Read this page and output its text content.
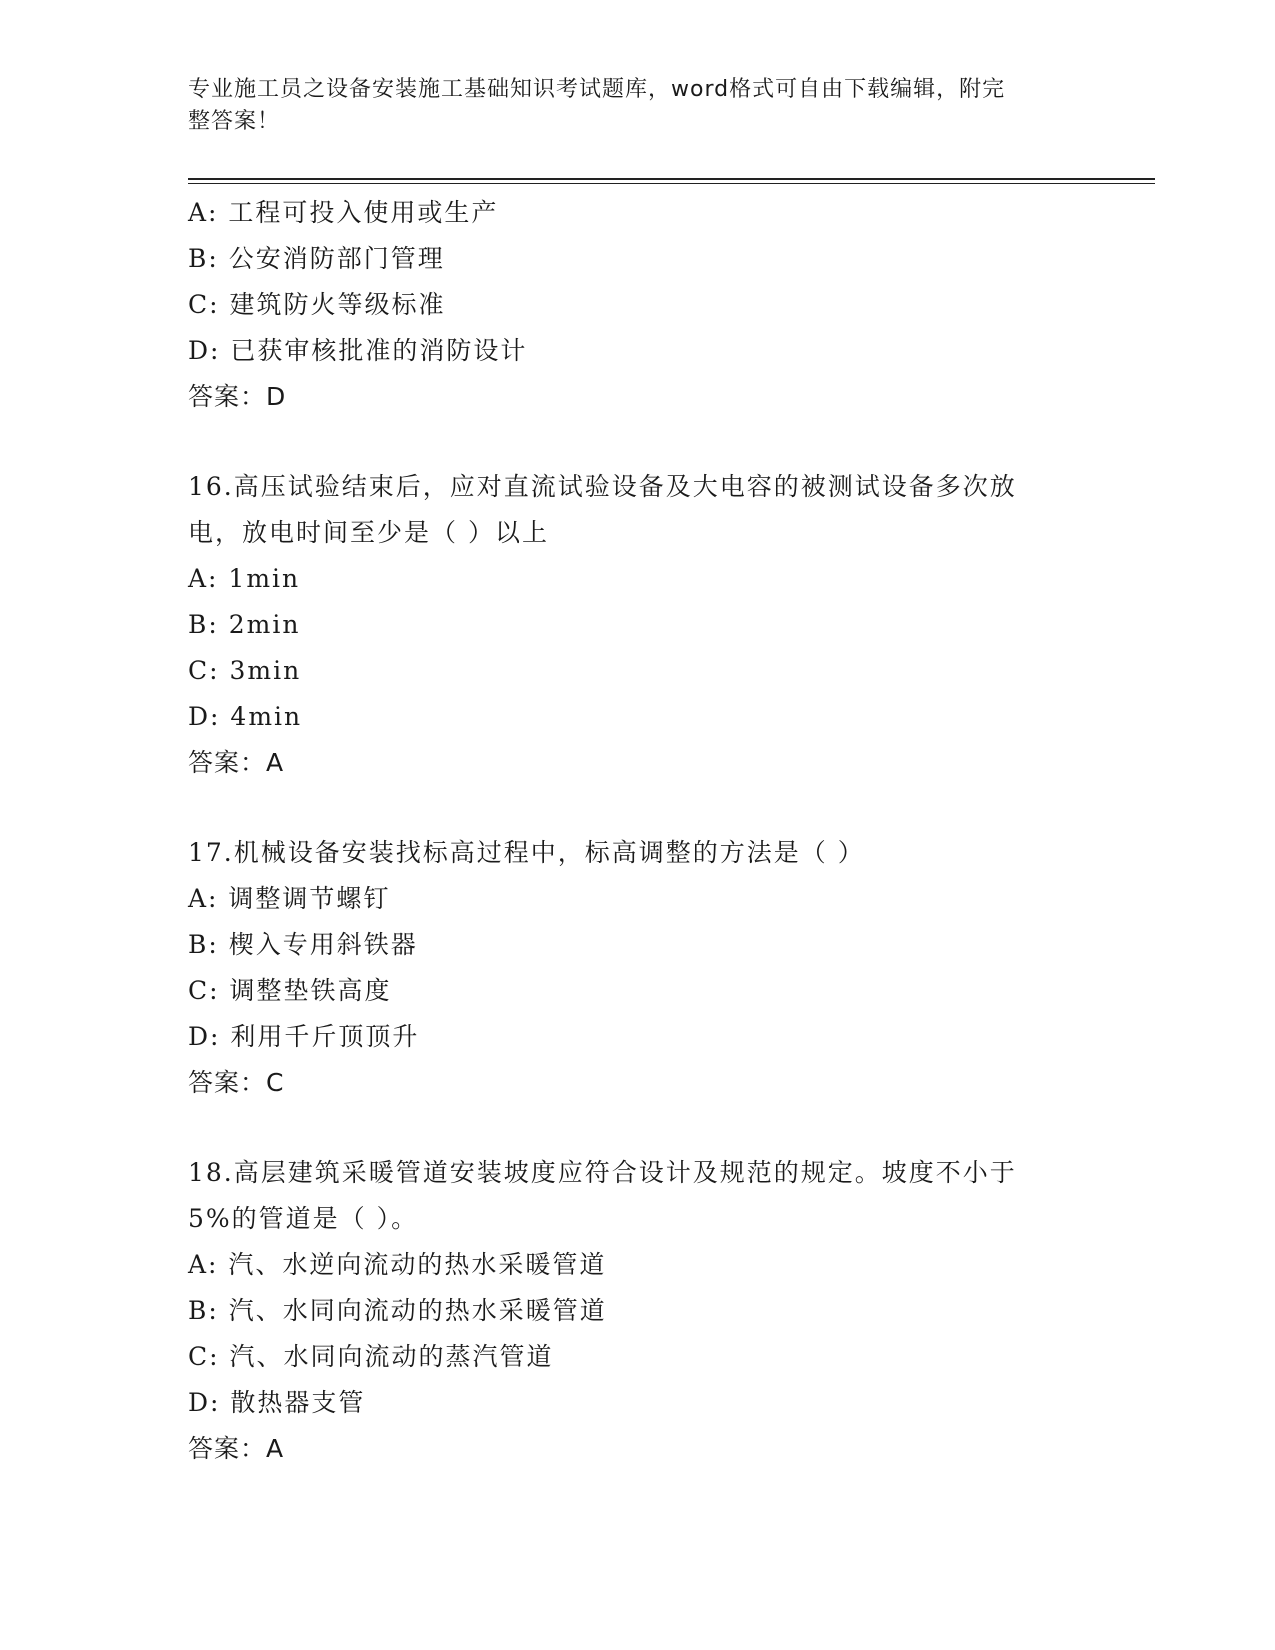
专业施工员之设备安装施工基础知识考试题库，word格式可自由下载编辑，附完
整答案！
A: 工程可投入使用或生产
B: 公安消防部门管理
C: 建筑防火等级标准
D: 已获审核批准的消防设计
答案：D
16.高压试验结束后，应对直流试验设备及大电容的被测试设备多次放
电，放电时间至少是（ ）以上
A: 1min
B: 2min
C: 3min
D: 4min
答案：A
17.机械设备安装找标高过程中，标高调整的方法是（ ）
A: 调整调节螺钉
B: 楔入专用斜铁器
C: 调整垫铁高度
D: 利用千斤顶顶升
答案：C
18.高层建筑采暖管道安装坡度应符合设计及规范的规定。坡度不小于
5%的管道是（ ）。
A: 汽、水逆向流动的热水采暖管道
B: 汽、水同向流动的热水采暖管道
C: 汽、水同向流动的蒸汽管道
D: 散热器支管
答案：A
